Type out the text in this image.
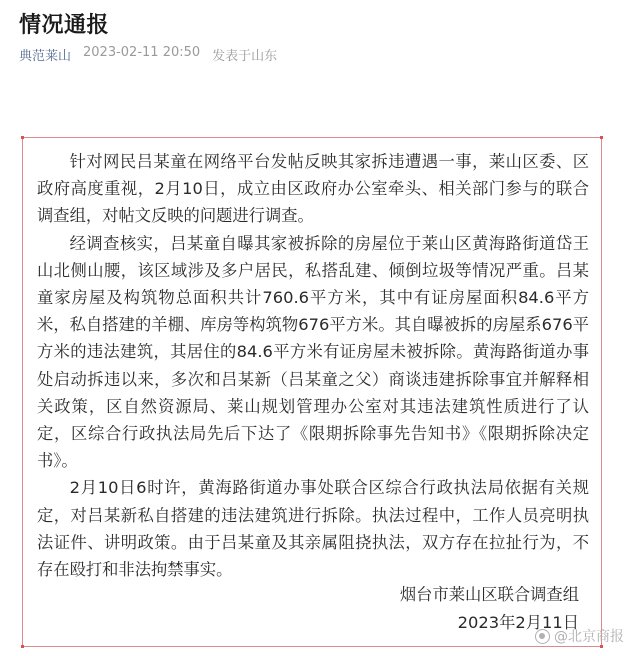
情况通报
典范莱山 2023-02-11 20:50 发表于山东

针对网民吕某童在网络平台发帖反映其家拆违遭遇一事，莱山区委、区政府高度重视，2月10日，成立由区政府办公室牵头、相关部门参与的联合调查组，对帖文反映的问题进行调查。

经调查核实，吕某童自曝其家被拆除的房屋位于莱山区黄海路街道岱王山北侧山腰，该区域涉及多户居民，私搭乱建、倾倒垃圾等情况严重。吕某童家房屋及构筑物总面积共计760.6平方米，其中有证房屋面积84.6平方米，私自搭建的羊棚、库房等构筑物676平方米。其自曝被拆的房屋系676平方米的违法建筑，其居住的84.6平方米有证房屋未被拆除。黄海路街道办事处启动拆违以来，多次和吕某新（吕某童之父）商谈违建拆除事宜并解释相关政策，区自然资源局、莱山规划管理办公室对其违法建筑性质进行了认定，区综合行政执法局先后下达了《限期拆除事先告知书》《限期拆除决定书》。

2月10日6时许，黄海路街道办事处联合区综合行政执法局依据有关规定，对吕某新私自搭建的违法建筑进行拆除。执法过程中，工作人员亮明执法证件、讲明政策。由于吕某童及其亲属阻挠执法，双方存在拉扯行为，不存在殴打和非法拘禁事实。

烟台市莱山区联合调查组
2023年2月11日
@北京商报
